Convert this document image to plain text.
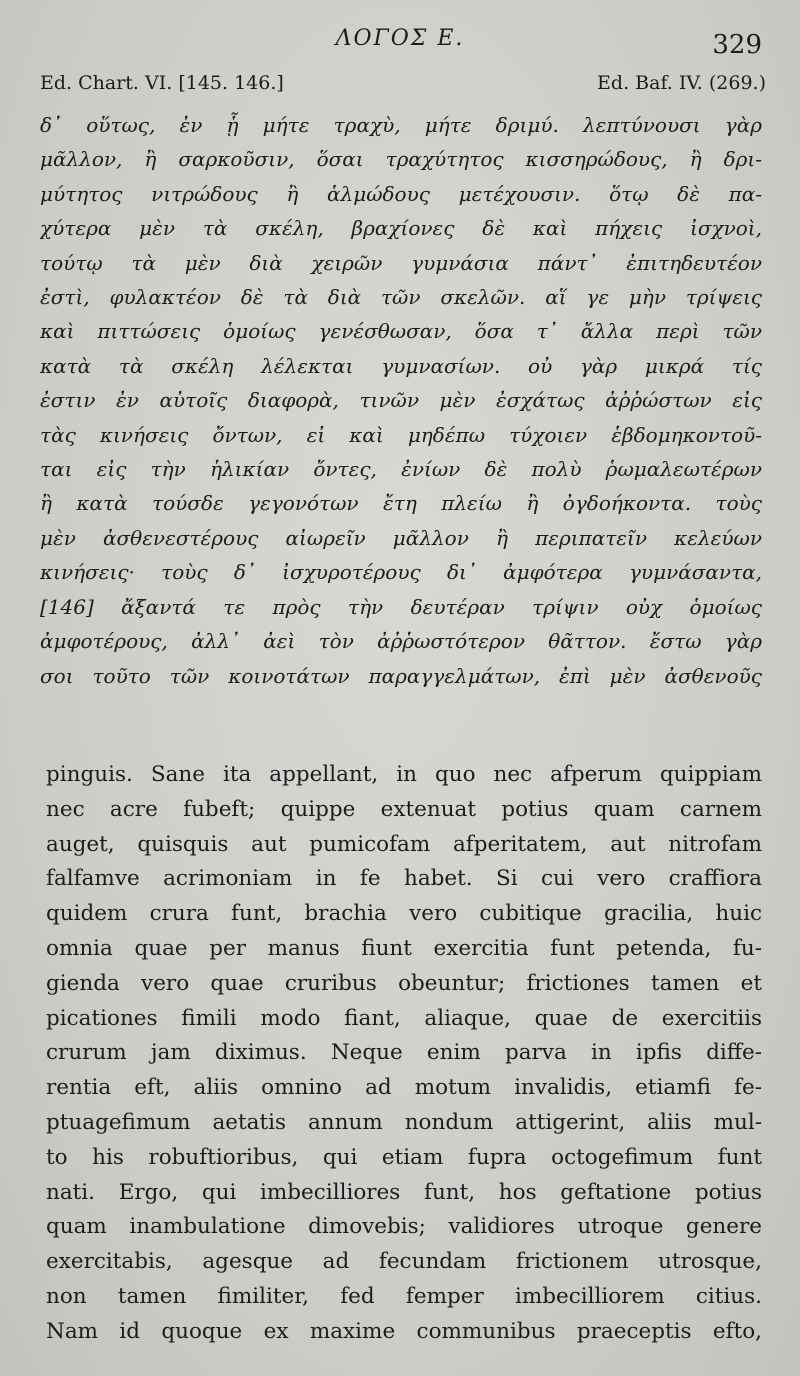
ΛΟΓΟΣ Ε.	329
Ed. Chart. VI. [145. 146.]	Ed. Baf. IV. (269.)
δ᾽ οὕτως, ἐν ᾗ μήτε τραχὺ, μήτε δριμύ. λεπτύνουσι γὰρ
μᾶλλον, ἢ σαρκοῦσιν, ὅσαι τραχύτητος κισσηρώδους, ἢ δρι-
μύτητος νιτρώδους ἢ ἁλμώδους μετέχουσιν. ὅτῳ δὲ πα-
χύτερα μὲν τὰ σκέλη, βραχίονες δὲ καὶ πήχεις ἰσχνοὶ,
τούτῳ τὰ μὲν διὰ χειρῶν γυμνάσια πάντ᾽ ἐπιτηδευτέον
ἐστὶ, φυλακτέον δὲ τὰ διὰ τῶν σκελῶν. αἵ γε μὴν τρίψεις
καὶ πιττώσεις ὁμοίως γενέσθωσαν, ὅσα τ᾽ ἄλλα περὶ τῶν
κατὰ τὰ σκέλη λέλεκται γυμνασίων. οὐ γὰρ μικρά τίς
ἐστιν ἐν αὐτοῖς διαφορὰ, τινῶν μὲν ἐσχάτως ἀῤῥώστων εἰς
τὰς κινήσεις ὄντων, εἰ καὶ μηδέπω τύχοιεν ἑβδομηκοντοῦ-
ται εἰς τὴν ἡλικίαν ὄντες, ἐνίων δὲ πολὺ ῥωμαλεωτέρων
ἢ κατὰ τούσδε γεγονότων ἔτη πλείω ἢ ὀγδοήκοντα. τοὺς
μὲν ἀσθενεστέρους αἰωρεῖν μᾶλλον ἢ περιπατεῖν κελεύων
κινήσεις· τοὺς δ᾽ ἰσχυροτέρους δι᾽ ἀμφότερα γυμνάσαντα,
[146] ἄξαντά τε πρὸς τὴν δευτέραν τρίψιν οὐχ ὁμοίως
ἀμφοτέρους, ἀλλ᾽ ἀεὶ τὸν ἀῤῥωστότερον θᾶττον. ἔστω γὰρ
σοι τοῦτο τῶν κοινοτάτων παραγγελμάτων, ἐπὶ μὲν ἀσθενοῦς
pinguis. Sane ita appellant, in quo nec afperum quippiam
nec acre fubeft; quippe extenuat potius quam carnem
auget, quisquis aut pumicofam afperitatem, aut nitrofam
falfamve acrimoniam in fe habet. Si cui vero craffiora
quidem crura funt, brachia vero cubitique gracilia, huic
omnia quae per manus fiunt exercitia funt petenda, fu-
gienda vero quae cruribus obeuntur; frictiones tamen et
picationes fimili modo fiant, aliaque, quae de exercitiis
crurum jam diximus. Neque enim parva in ipfis diffe-
rentia eft, aliis omnino ad motum invalidis, etiamfi fe-
ptuagefimum aetatis annum nondum attigerint, aliis mul-
to his robuftioribus, qui etiam fupra octogefimum funt
nati. Ergo, qui imbecilliores funt, hos geftatione potius
quam inambulatione dimovebis; validiores utroque genere
exercitabis, agesque ad fecundam frictionem utrosque,
non tamen fimiliter, fed femper imbecilliorem citius.
Nam id quoque ex maxime communibus praeceptis efto,
